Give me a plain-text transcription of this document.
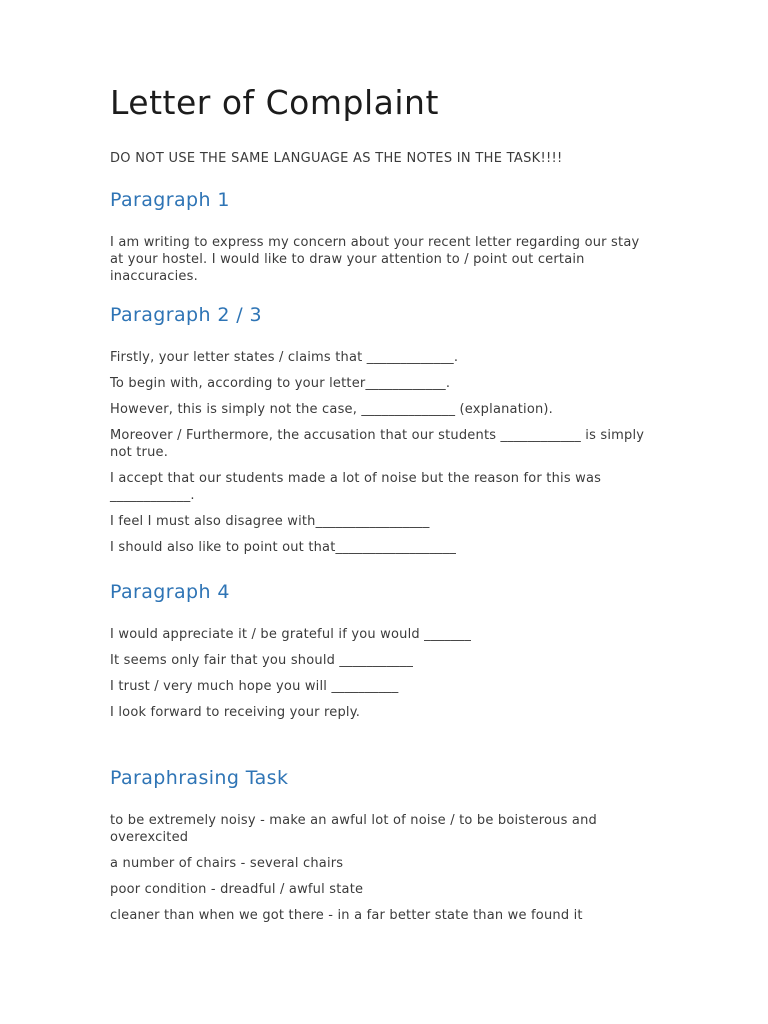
Letter of Complaint

DO NOT USE THE SAME LANGUAGE AS THE NOTES IN THE TASK!!!!

Paragraph 1

I am writing to express my concern about your recent letter regarding our stay at your hostel. I would like to draw your attention to / point out certain inaccuracies.

Paragraph 2 / 3

Firstly, your letter states / claims that _____________.

To begin with, according to your letter____________.

However, this is simply not the case, ______________ (explanation).

Moreover / Furthermore, the accusation that our students ____________ is simply not true.

I accept that our students made a lot of noise but the reason for this was ____________.

I feel I must also disagree with_________________

I should also like to point out that__________________

Paragraph 4

I would appreciate it / be grateful if you would _______

It seems only fair that you should ___________

I trust / very much hope you will __________

I look forward to receiving your reply.

Paraphrasing Task

to be extremely noisy - make an awful lot of noise / to be boisterous and overexcited

a number of chairs - several chairs

poor condition - dreadful / awful state

cleaner than when we got there - in a far better state than we found it
